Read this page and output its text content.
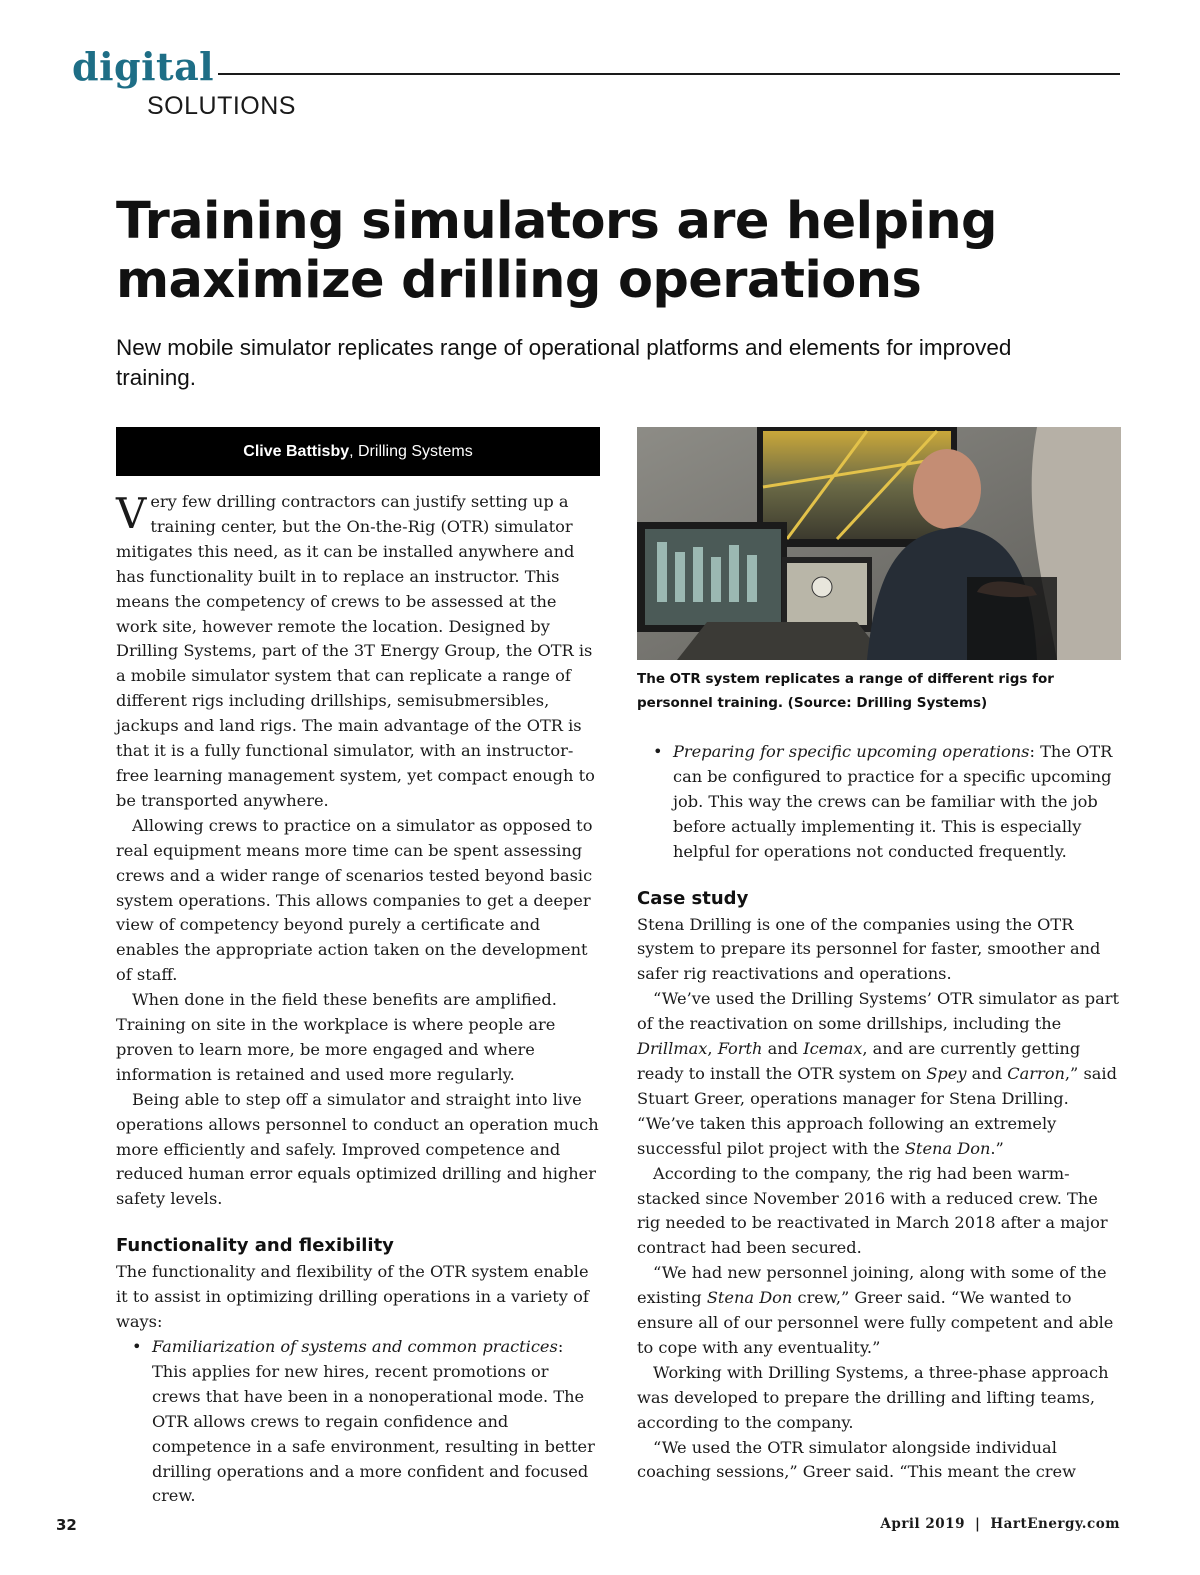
digital
SOLUTIONS
Training simulators are helping maximize drilling operations

New mobile simulator replicates range of operational platforms and elements for improved training.

Clive Battisby , Drilling Systems

Very few drilling contractors can justify setting up a training center, but the On-the-Rig (OTR) simulator mitigates this need, as it can be installed anywhere and has functionality built in to replace an instructor. This means the competency of crews to be assessed at the work site, however remote the location. Designed by Drilling Systems, part of the 3T Energy Group, the OTR is a mobile simulator system that can replicate a range of different rigs including drillships, semisubmersibles, jackups and land rigs. The main advantage of the OTR is that it is a fully functional simulator, with an instructor-free learning management system, yet compact enough to be transported anywhere.

Allowing crews to practice on a simulator as opposed to real equipment means more time can be spent assessing crews and a wider range of scenarios tested beyond basic system operations. This allows companies to get a deeper view of competency beyond purely a certificate and enables the appropriate action taken on the development of staff.

When done in the field these benefits are amplified. Training on site in the workplace is where people are proven to learn more, be more engaged and where information is retained and used more regularly.

Being able to step off a simulator and straight into live operations allows personnel to conduct an operation much more efficiently and safely. Improved competence and reduced human error equals optimized drilling and higher safety levels.

Functionality and flexibility

The functionality and flexibility of the OTR system enable it to assist in optimizing drilling operations in a variety of ways:

• Familiarization of systems and common practices: This applies for new hires, recent promotions or crews that have been in a nonoperational mode. The OTR allows crews to regain confidence and competence in a safe environment, resulting in better drilling operations and a more confident and focused crew.

The OTR system replicates a range of different rigs for personnel training. (Source: Drilling Systems)

• Preparing for specific upcoming operations: The OTR can be configured to practice for a specific upcoming job. This way the crews can be familiar with the job before actually implementing it. This is especially helpful for operations not conducted frequently.
Case study

Stena Drilling is one of the companies using the OTR system to prepare its personnel for faster, smoother and safer rig reactivations and operations.

“We’ve used the Drilling Systems’ OTR simulator as part of the reactivation on some drillships, including the Drillmax, Forth and Icemax, and are currently getting ready to install the OTR system on Spey and Carron,” said Stuart Greer, operations manager for Stena Drilling. “We’ve taken this approach following an extremely successful pilot project with the Stena Don.”

According to the company, the rig had been warm-stacked since November 2016 with a reduced crew. The rig needed to be reactivated in March 2018 after a major contract had been secured.

“We had new personnel joining, along with some of the existing Stena Don crew,” Greer said. “We wanted to ensure all of our personnel were fully competent and able to cope with any eventuality.”

Working with Drilling Systems, a three-phase approach was developed to prepare the drilling and lifting teams, according to the company.

“We used the OTR simulator alongside individual coaching sessions,” Greer said. “This meant the crew

32	April 2019 | HartEnergy.com
